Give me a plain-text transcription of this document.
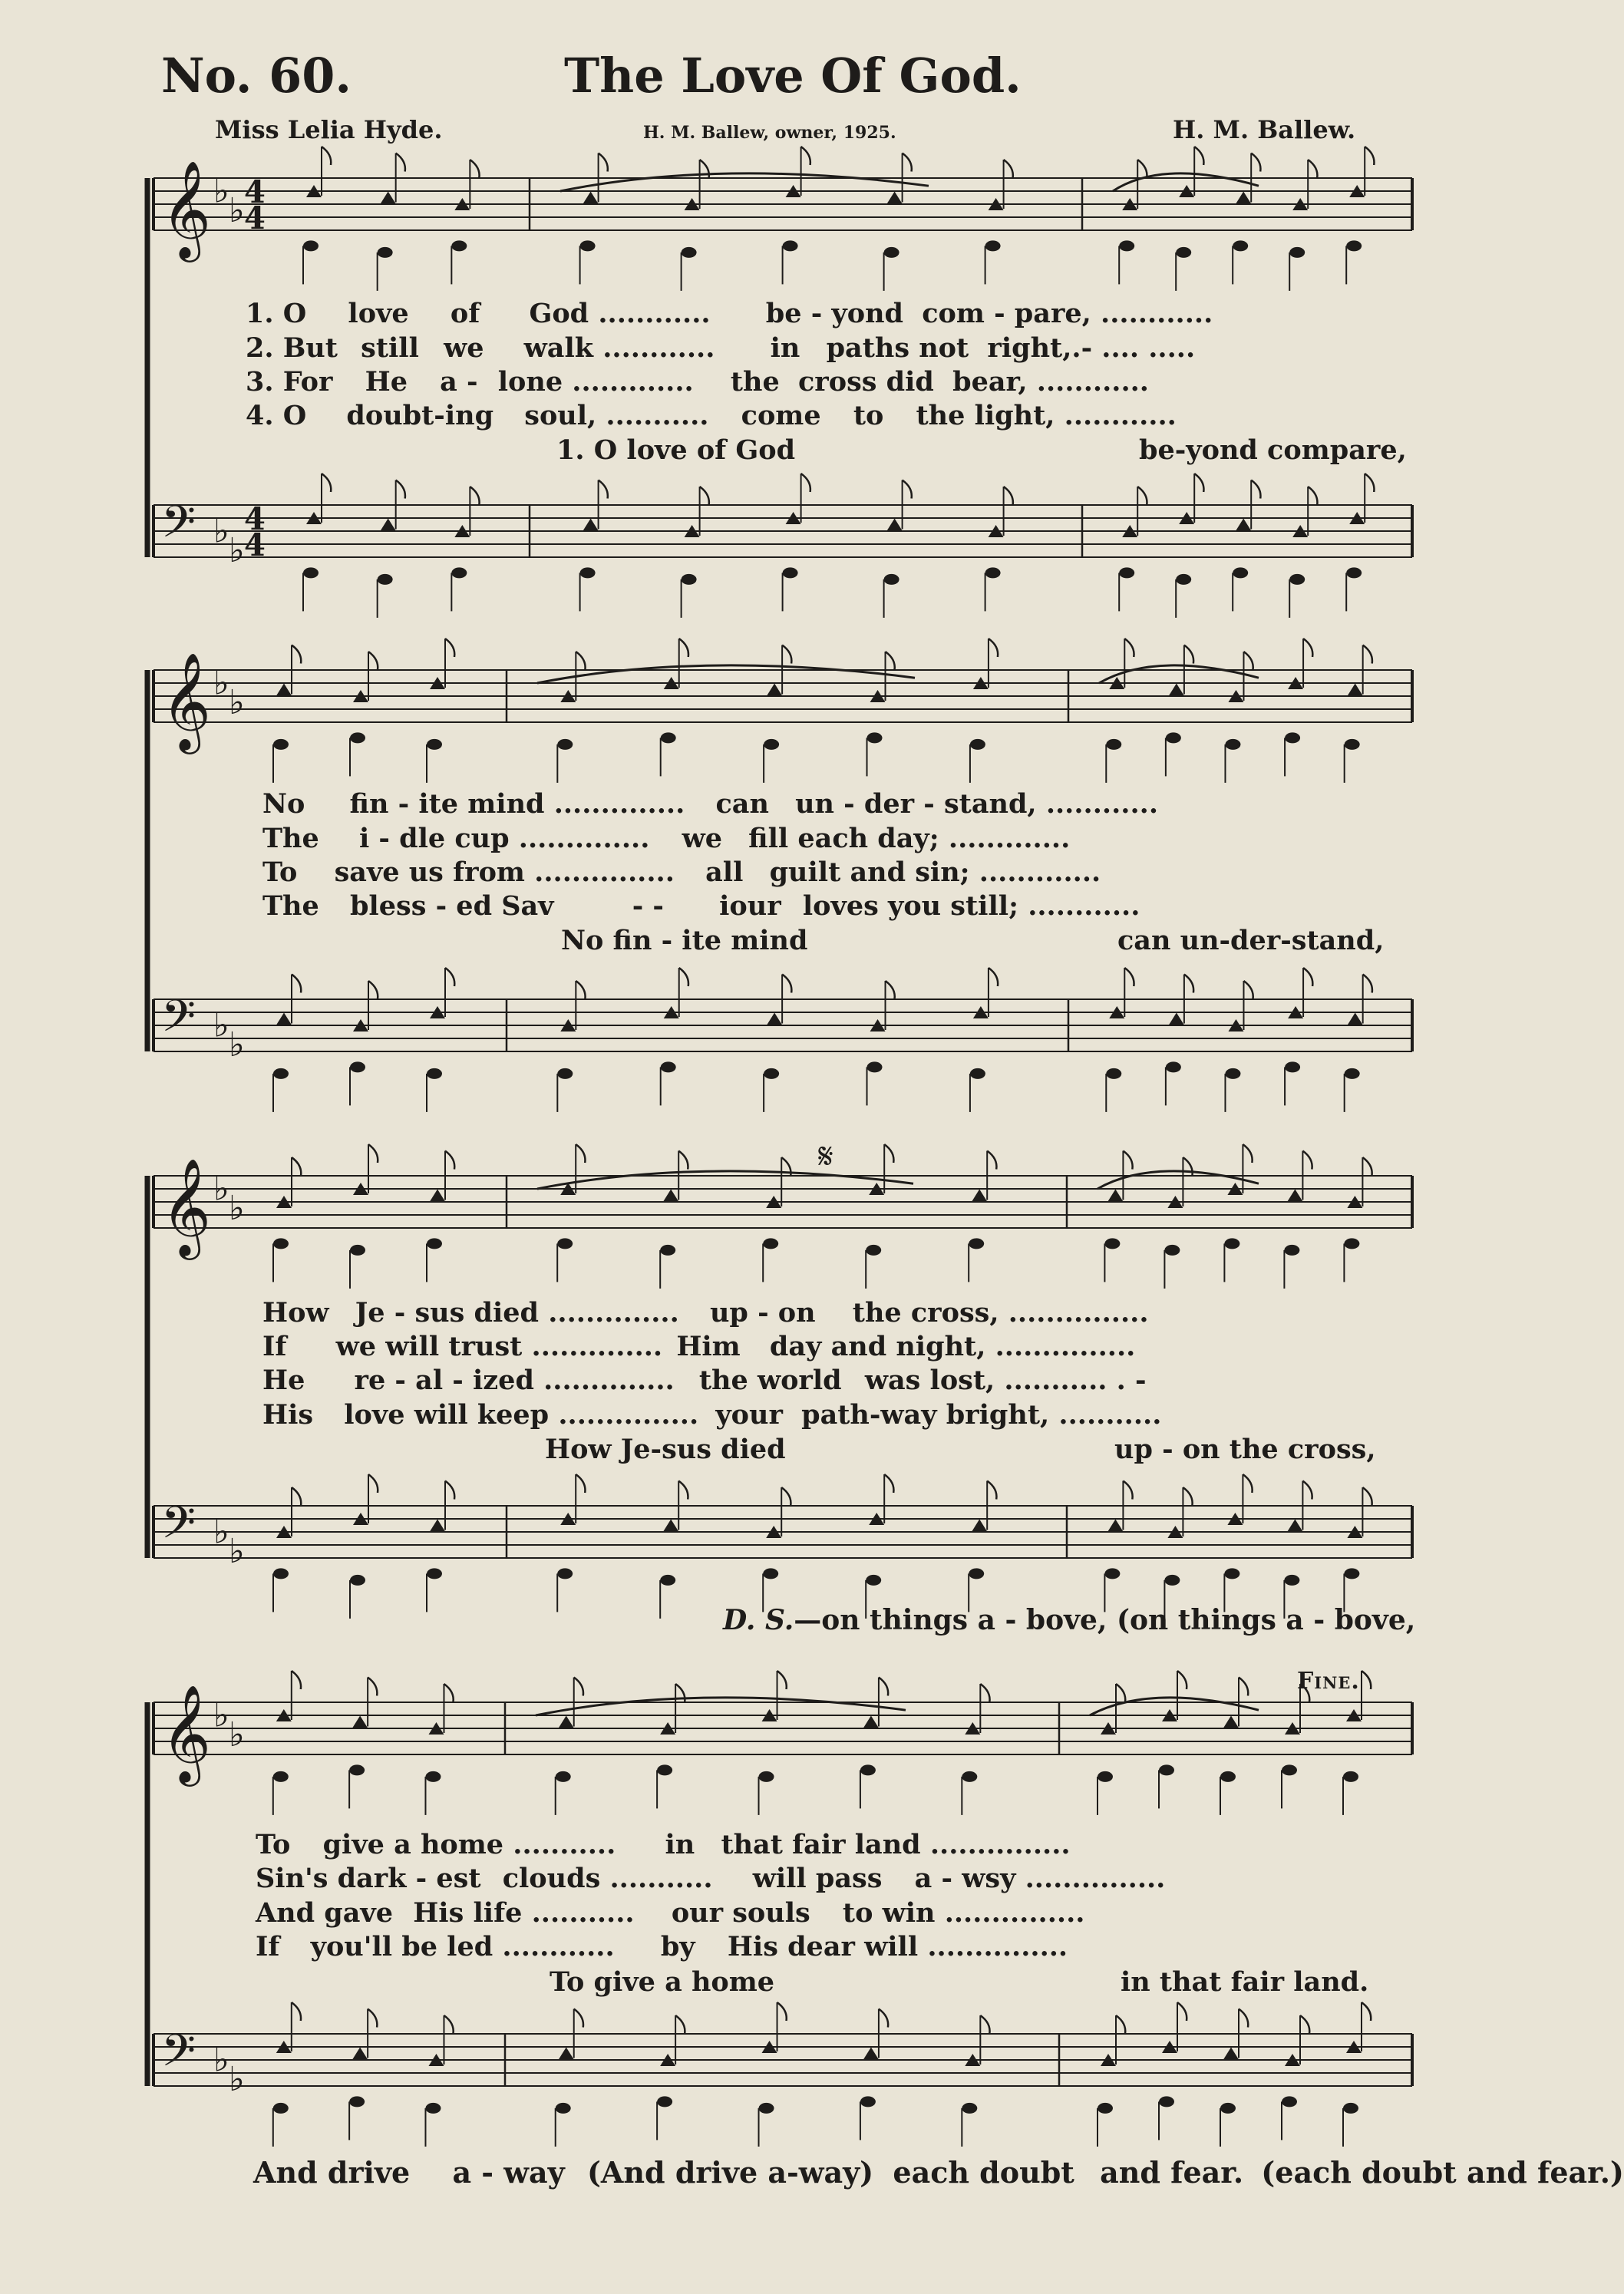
No. 60.	The Love Of God.
Miss Lelia Hyde.	H. M. Ballew, owner, 1925.	H. M. Ballew.
𝄞 ♭ ♭ 4
4
𝄢 ♭ ♭
4
4
𝄞 ♭ ♭
𝄢 ♭ ♭
𝄞 ♭ ♭
𝄢 ♭ ♭
𝄞 ♭ ♭
𝄢 ♭ ♭
𝄋
1. O love of God ............ be - yond com - pare, ............
2. But still we walk ............ in paths not right,.- .... .....
3. For He a - lone ............. the cross did bear, ............
4. O doubt-ing soul, ........... come to the light, ............
1. O love of God	be-yond compare,
No fin - ite mind .............. can un - der - stand, ............
The i - dle cup .............. we fill each day; .............
To save us from ............... all guilt and sin; .............
The bless - ed Sav	- - iour loves you still; ............
No fin - ite mind	can un-der-stand,
How Je - sus died .............. up - on the cross, ...............
If we will trust .............. Him day and night, ...............
He re - al - ized .............. the world was lost, ........... . -
His love will keep ............... your path-way bright, ...........
How Je-sus died	up - on the cross,
D. S.—on things a - bove, (on things a - bove,
Fine.
To give a home ........... in that fair land ...............
Sin's dark - est clouds ........... will pass a - wsy ...............
And gave His life ........... our souls to win ...............
If you'll be led ............ by His dear will ...............
To give a home	in that fair land.
And drive a - way (And drive a-way) each doubt and fear. (each doubt and fear.)
